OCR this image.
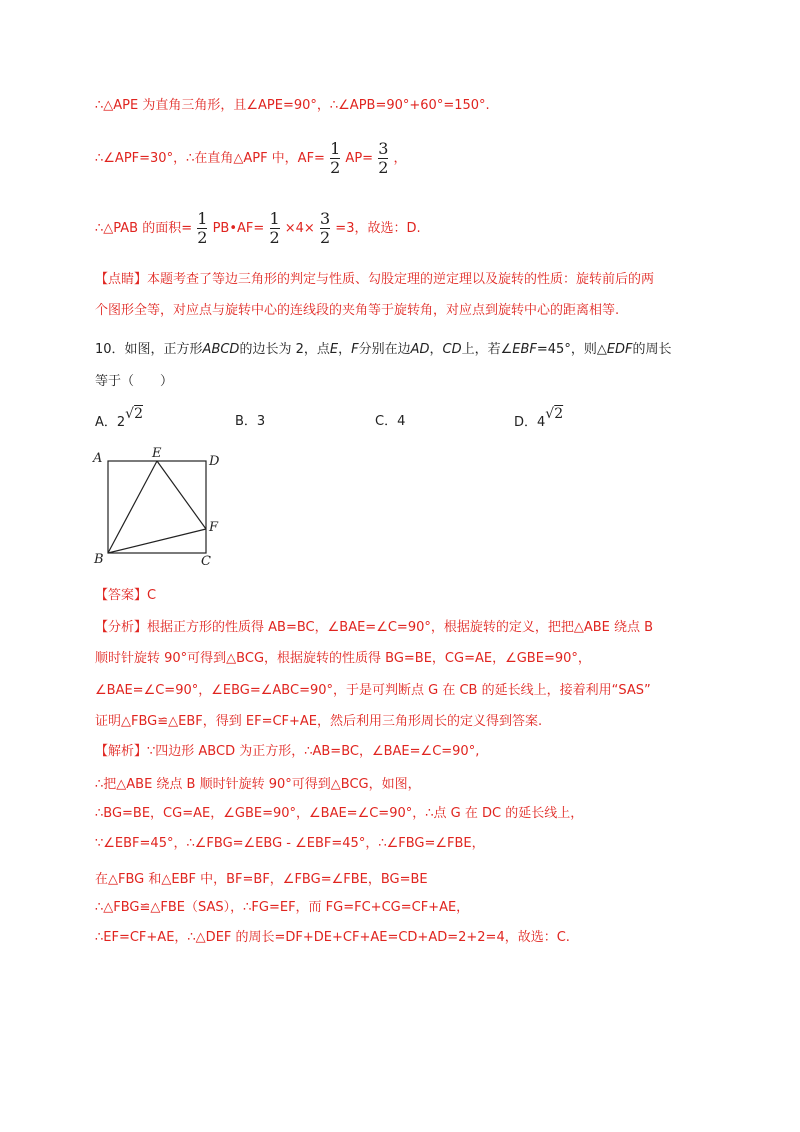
∴△APE 为直角三角形，且∠APE=90°，∴∠APB=90°+60°=150°.
∴∠APF=30°，∴在直角△APF 中，$AF= \frac{1}{2} AP= \frac{3}{2}$ ，
∴△PAB 的面积= $\frac{1}{2}$ PB•AF= $\frac{1}{2} \times 4\times \frac{3}{2} =3$，故选：D.
【点睛】本题考查了等边三角形的判定与性质、勾股定理的逆定理以及旋转的性质：旋转前后的两
个图形全等，对应点与旋转中心的连线段的夹角等于旋转角，对应点到旋转中心的距离相等.
10．如图，正方形ABCD的边长为 2，点E，F分别在边AD，CD上，若∠EBF=45°，则△EDF的周长
等于（　　）
A．2√2	B．3	C．4	D．4√2
A	E
D
F
B	C
【答案】C
【分析】根据正方形的性质得 AB=BC，∠BAE=∠C=90°，根据旋转的定义，把把△ABE 绕点 B
顺时针旋转 90°可得到△BCG，根据旋转的性质得 BG=BE，CG=AE，∠GBE=90°，
∠BAE=∠C=90°，∠EBG=∠ABC=90°，于是可判断点 G 在 CB 的延长线上，接着利用“SAS”
证明△FBG≌△EBF，得到 EF=CF+AE，然后利用三角形周长的定义得到答案.
【解析】∵四边形 ABCD 为正方形，∴AB=BC，∠BAE=∠C=90°,
∴把△ABE 绕点 B 顺时针旋转 90°可得到△BCG，如图，
∴BG=BE，CG=AE，∠GBE=90°，∠BAE=∠C=90°，∴点 G 在 DC 的延长线上，
∵∠EBF=45°，∴∠FBG=∠EBG - ∠EBF=45°，∴∠FBG=∠FBE，
在△FBG 和△EBF 中，BF=BF，∠FBG=∠FBE，BG=BE
∴△FBG≌△FBE（SAS），∴FG=EF，而 FG=FC+CG=CF+AE，
∴EF=CF+AE，∴△DEF 的周长=DF+DE+CF+AE=CD+AD=2+2=4，故选：C.
